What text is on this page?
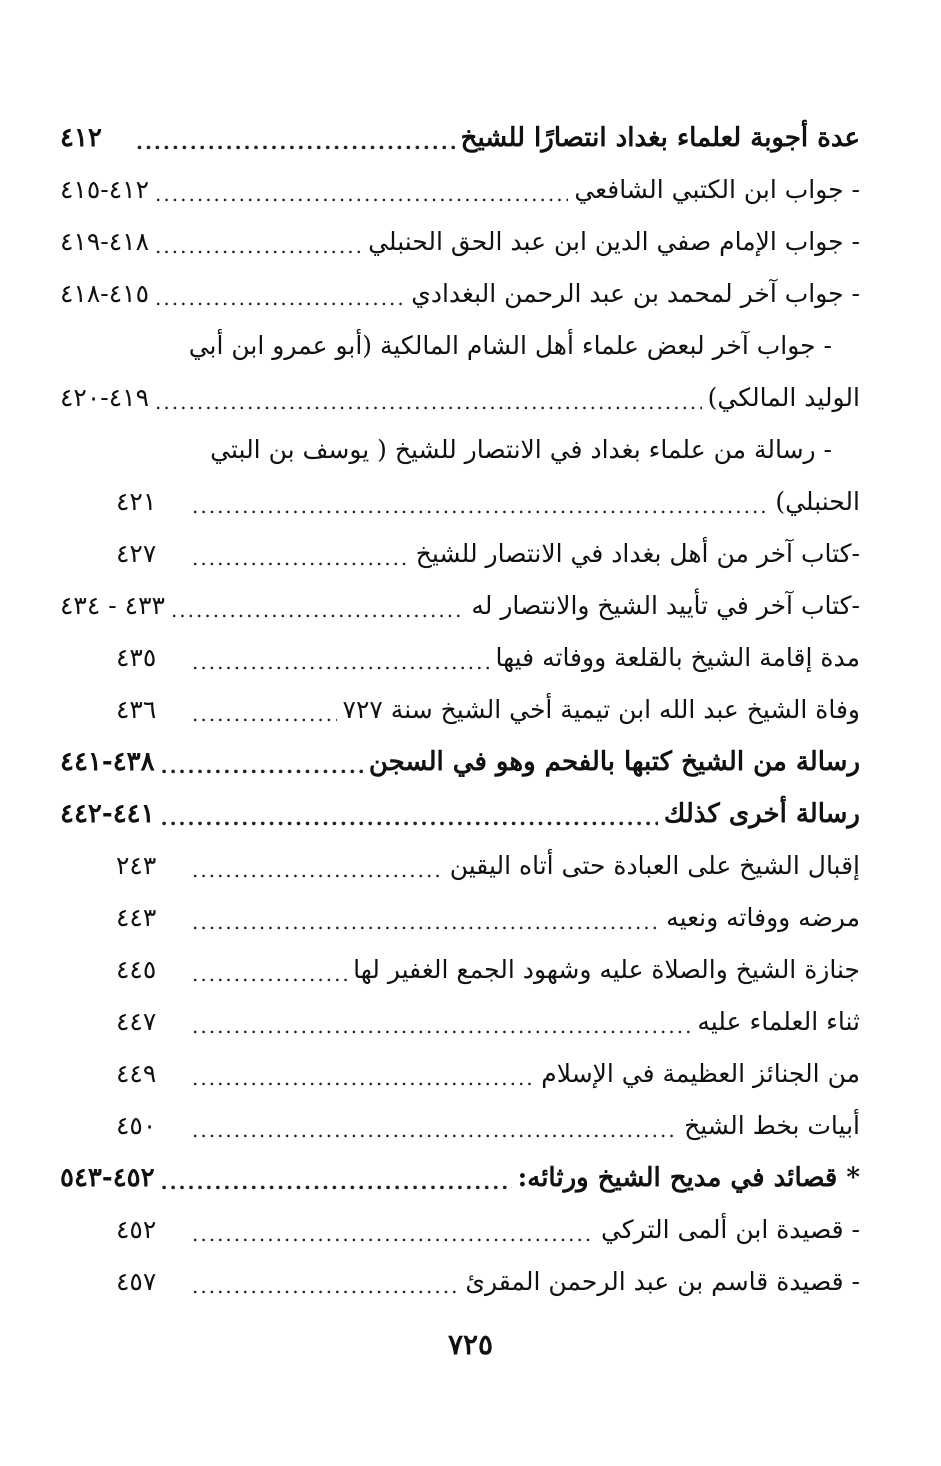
عدة أجوبة لعلماء بغداد انتصارًا للشيخ
.....
٤١٢
- جواب ابن الكتبي الشافعي
.....
٤١٢-٤١٥
- جواب الإمام صفي الدين ابن عبد الحق الحنبلي
.....
٤١٨-٤١٩
- جواب آخر لمحمد بن عبد الرحمن البغدادي
.....
٤١٥-٤١٨
- جواب آخر لبعض علماء أهل الشام المالكية (أبو عمرو ابن أبي
الوليد المالكي)
.....
٤١٩-٤٢٠
- رسالة من علماء بغداد في الانتصار للشيخ ( يوسف بن البتي
الحنبلي)
.....
٤٢١
-كتاب آخر من أهل بغداد في الانتصار للشيخ
.....
٤٢٧
-كتاب آخر في تأييد الشيخ والانتصار له
.....
٤٣٣ - ٤٣٤
مدة إقامة الشيخ بالقلعة ووفاته فيها
.....
٤٣٥
وفاة الشيخ عبد الله ابن تيمية أخي الشيخ سنة ٧٢٧
.....
٤٣٦
رسالة من الشيخ كتبها بالفحم وهو في السجن
.....
٤٣٨-٤٤١
رسالة أخرى كذلك
.....
٤٤١-٤٤٢
إقبال الشيخ على العبادة حتى أتاه اليقين
.....
٢٤٣
مرضه ووفاته ونعيه
.....
٤٤٣
جنازة الشيخ والصلاة عليه وشهود الجمع الغفير لها
.....
٤٤٥
ثناء العلماء عليه
.....
٤٤٧
من الجنائز العظيمة في الإسلام
.....
٤٤٩
أبيات بخط الشيخ
.....
٤٥٠
* قصائد في مديح الشيخ ورثائه:
.....
٤٥٢-٥٤٣
- قصيدة ابن ألمى التركي
.....
٤٥٢
- قصيدة قاسم بن عبد الرحمن المقرئ
.....
٤٥٧
٧٢٥
